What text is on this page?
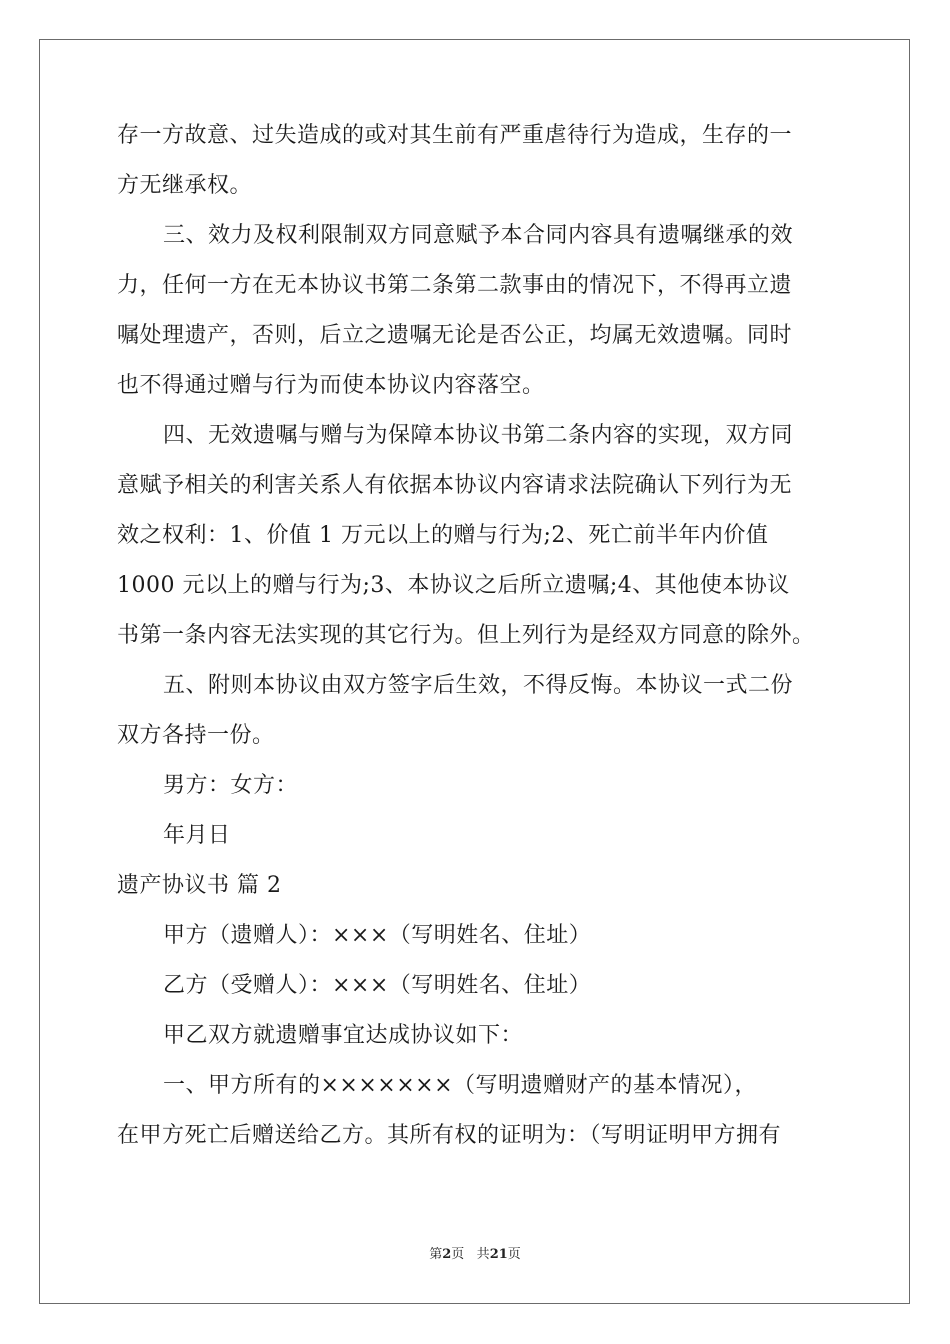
存一方故意、过失造成的或对其生前有严重虐待行为造成，生存的一
方无继承权。
三、效力及权利限制双方同意赋予本合同内容具有遗嘱继承的效
力，任何一方在无本协议书第二条第二款事由的情况下，不得再立遗
嘱处理遗产，否则，后立之遗嘱无论是否公正，均属无效遗嘱。同时
也不得通过赠与行为而使本协议内容落空。
四、无效遗嘱与赠与为保障本协议书第二条内容的实现，双方同
意赋予相关的利害关系人有依据本协议内容请求法院确认下列行为无
效之权利：1、价值 1 万元以上的赠与行为;2、死亡前半年内价值
1000 元以上的赠与行为;3、本协议之后所立遗嘱;4、其他使本协议
书第一条内容无法实现的其它行为。但上列行为是经双方同意的除外。
五、附则本协议由双方签字后生效，不得反悔。本协议一式二份
双方各持一份。
男方：女方：
年月日
遗产协议书 篇 2
甲方（遗赠人）：×××（写明姓名、住址）
乙方（受赠人）：×××（写明姓名、住址）
甲乙双方就遗赠事宜达成协议如下：
一、甲方所有的×××××××（写明遗赠财产的基本情况），
在甲方死亡后赠送给乙方。其所有权的证明为：（写明证明甲方拥有
第2页 共21页
